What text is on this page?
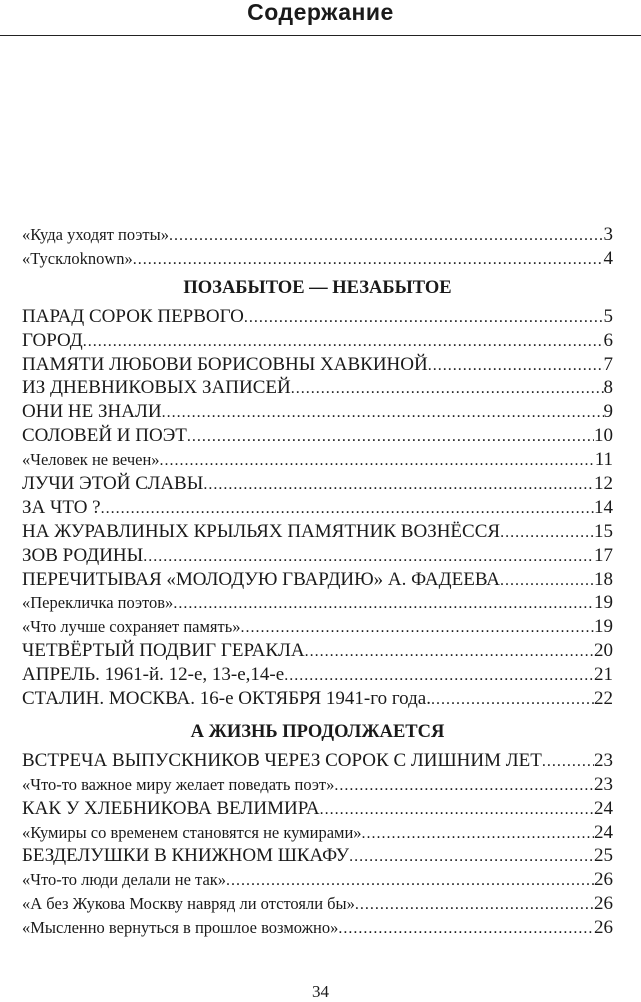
Содержание
«Куда уходят поэты» .....	3
«Тусклоknown» .....	4
ПОЗАБЫТОЕ — НЕЗАБЫТОЕ
ПАРАД СОРОК ПЕРВОГО .....	5
ГОРОД .....	6
ПАМЯТИ ЛЮБОВИ БОРИСОВНЫ ХАВКИНОЙ .....	7
ИЗ ДНЕВНИКОВЫХ ЗАПИСЕЙ .....	8
ОНИ НЕ ЗНАЛИ .....	9
СОЛОВЕЙ И ПОЭТ .....	10
«Человек не вечен» .....	11
ЛУЧИ ЭТОЙ СЛАВЫ .....	12
ЗА ЧТО ? .....	14
НА ЖУРАВЛИНЫХ КРЫЛЬЯХ ПАМЯТНИК ВОЗНЁССЯ .....	15
ЗОВ РОДИНЫ .....	17
ПЕРЕЧИТЫВАЯ «МОЛОДУЮ ГВАРДИЮ» А. ФАДЕЕВА .....	18
«Перекличка поэтов» .....	19
«Что лучше сохраняет память» .....	19
ЧЕТВЁРТЫЙ ПОДВИГ ГЕРАКЛА .....	20
АПРЕЛЬ. 1961-й. 12-е, 13-е,14-е .....	21
СТАЛИН. МОСКВА. 16-е ОКТЯБРЯ 1941-го года. .....	22
А ЖИЗНЬ ПРОДОЛЖАЕТСЯ
ВСТРЕЧА ВЫПУСКНИКОВ ЧЕРЕЗ СОРОК С ЛИШНИМ ЛЕТ .....	23
«Что-то важное миру желает поведать поэт» .....	23
КАК У ХЛЕБНИКОВА ВЕЛИМИРА .....	24
«Кумиры со временем становятся не кумирами» .....	24
БЕЗДЕЛУШКИ В КНИЖНОМ ШКАФУ .....	25
«Что-то люди делали не так» .....	26
«А без Жукова Москву навряд ли отстояли бы» .....	26
«Мысленно вернуться в прошлое возможно» .....	26
34
